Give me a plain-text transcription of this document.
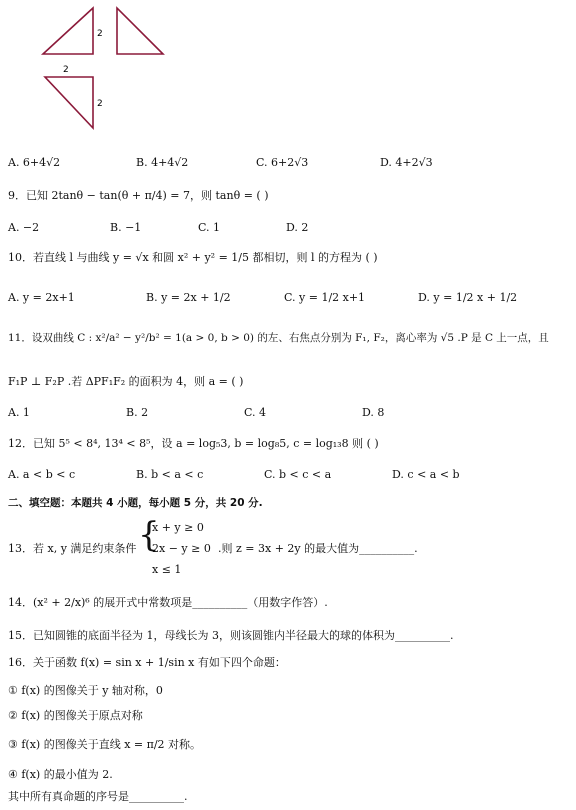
2
2
2
A. 6+4√2	B. 4+4√2	C. 6+2√3	D. 4+2√3
9．已知 2tanθ − tan(θ + π/4) = 7，则 tanθ = ( )
A. −2	B. −1	C. 1	D. 2
10．若直线 l 与曲线 y = √x 和圆 x² + y² = 1/5 都相切，则 l 的方程为 ( )
A. y = 2x+1	B. y = 2x + 1/2	C. y = 1/2 x+1	D. y = 1/2 x + 1/2
11．设双曲线 C : x²/a² − y²/b² = 1(a > 0, b > 0) 的左、右焦点分别为 F₁, F₂，离心率为 √5 .P 是 C 上一点，且
F₁P ⊥ F₂P .若 ΔPF₁F₂ 的面积为 4，则 a = ( )
A. 1	B. 2	C. 4	D. 8
12．已知 5⁵ < 8⁴, 13⁴ < 8⁵，设 a = log₅3, b = log₈5, c = log₁₃8 则 ( )
A. a < b < c	B. b < a < c	C. b < c < a	D. c < a < b
二、填空题：本题共 4 小题，每小题 5 分，共 20 分.
13．若 x, y 满足约束条件 {
x + y ≥ 0
2x − y ≥ 0
x ≤ 1
.则 z = 3x + 2y 的最大值为__________.
14．(x² + 2/x)⁶ 的展开式中常数项是__________（用数字作答）.
15．已知圆锥的底面半径为 1，母线长为 3，则该圆锥内半径最大的球的体积为__________.
16．关于函数 f(x) = sin x + 1/sin x 有如下四个命题：
① f(x) 的图像关于 y 轴对称，0
② f(x) 的图像关于原点对称
③ f(x) 的图像关于直线 x = π/2 对称。
④ f(x) 的最小值为 2.
其中所有真命题的序号是__________.
